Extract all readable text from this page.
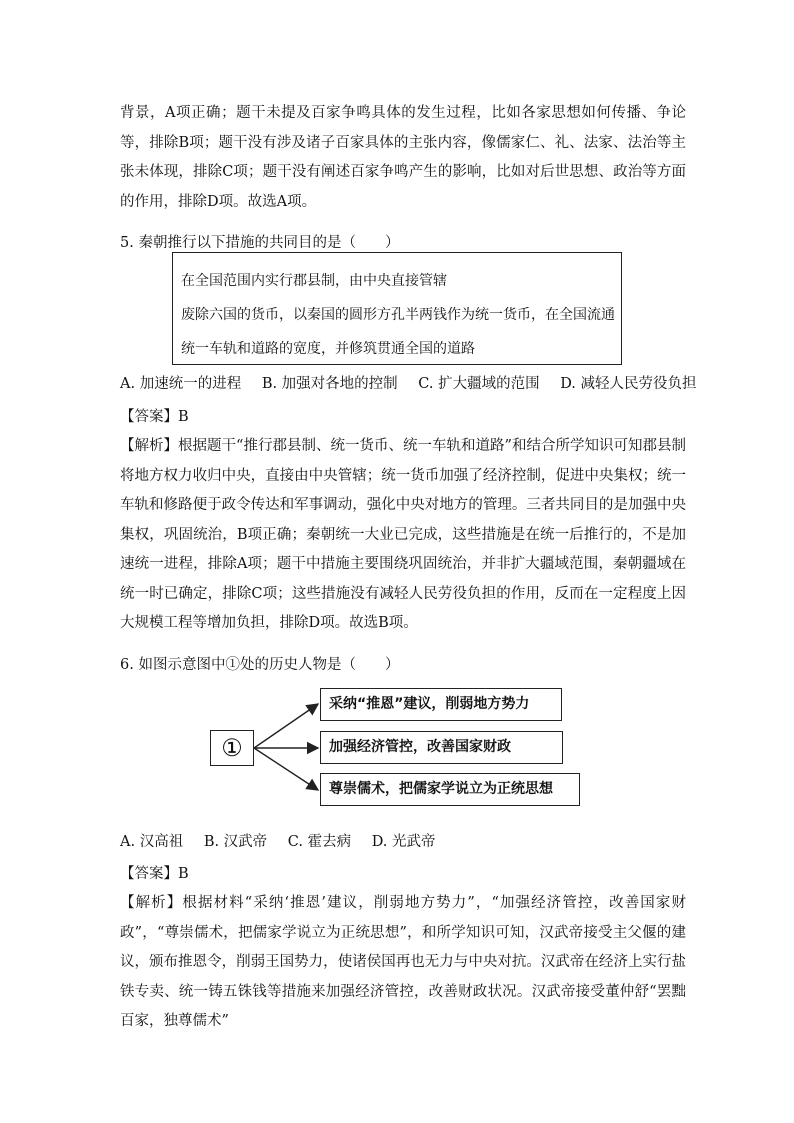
背景，A项正确；题干未提及百家争鸣具体的发生过程，比如各家思想如何传播、争论等，排除B项；题干没有涉及诸子百家具体的主张内容，像儒家仁、礼、法家、法治等主张未体现，排除C项；题干没有阐述百家争鸣产生的影响，比如对后世思想、政治等方面的作用，排除D项。故选A项。

5. 秦朝推行以下措施的共同目的是（　　）

在全国范围内实行郡县制，由中央直接管辖

废除六国的货币，以秦国的圆形方孔半两钱作为统一货币，在全国流通

统一车轨和道路的宽度，并修筑贯通全国的道路

A. 加速统一的进程 B. 加强对各地的控制 C. 扩大疆域的范围 D. 减轻人民劳役负担

【答案】B

【解析】根据题干“推行郡县制、统一货币、统一车轨和道路”和结合所学知识可知郡县制将地方权力收归中央，直接由中央管辖；统一货币加强了经济控制，促进中央集权；统一车轨和修路便于政令传达和军事调动，强化中央对地方的管理。三者共同目的是加强中央集权，巩固统治，B项正确；秦朝统一大业已完成，这些措施是在统一后推行的，不是加速统一进程，排除A项；题干中措施主要围绕巩固统治，并非扩大疆域范围，秦朝疆域在统一时已确定，排除C项；这些措施没有减轻人民劳役负担的作用，反而在一定程度上因大规模工程等增加负担，排除D项。故选B项。

6. 如图示意图中①处的历史人物是（　　）

①
采纳“推恩”建议，削弱地方势力
加强经济管控，改善国家财政
尊崇儒术，把儒家学说立为正统思想

A. 汉高祖 B. 汉武帝 C. 霍去病 D. 光武帝

【答案】B

【解析】根据材料“采纳‘推恩’建议，削弱地方势力”，“加强经济管控，改善国家财政”，“尊崇儒术，把儒家学说立为正统思想”，和所学知识可知，汉武帝接受主父偃的建议，颁布推恩令，削弱王国势力，使诸侯国再也无力与中央对抗。汉武帝在经济上实行盐铁专卖、统一铸五铢钱等措施来加强经济管控，改善财政状况。汉武帝接受董仲舒“罢黜百家，独尊儒术”
